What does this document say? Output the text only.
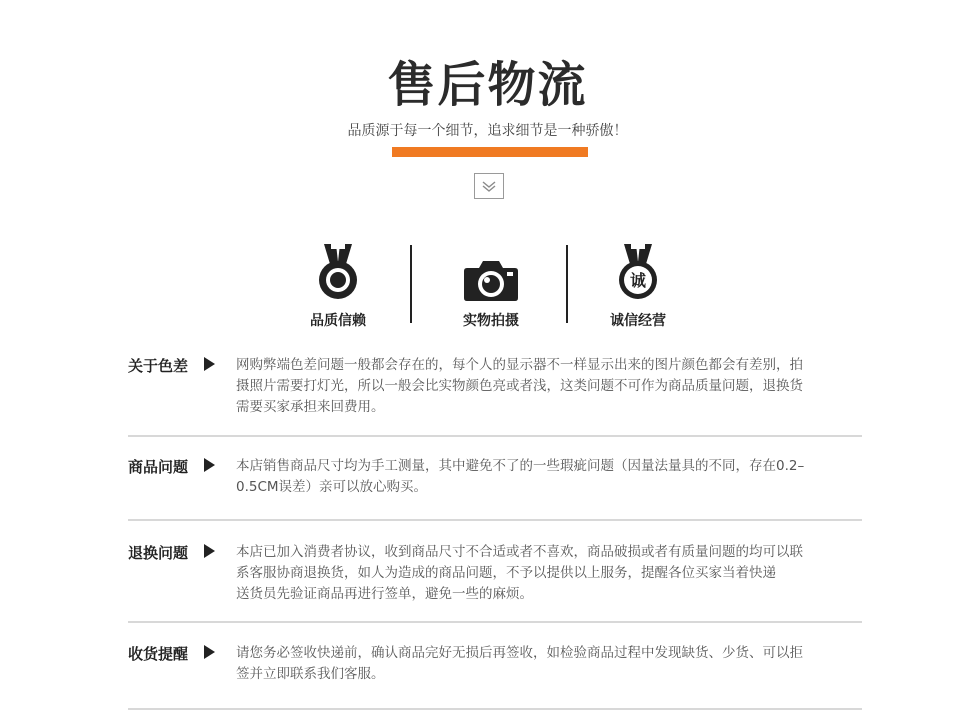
售后物流
品质源于每一个细节，追求细节是一种骄傲！
品质信赖	实物拍摄
诚
诚信经营
关于色差	网购弊端色差问题一般都会存在的，每个人的显示器不一样显示出来的图片颜色都会有差别，拍
摄照片需要打灯光，所以一般会比实物颜色亮或者浅，这类问题不可作为商品质量问题，退换货
需要买家承担来回费用。
商品问题	本店销售商品尺寸均为手工测量，其中避免不了的一些瑕疵问题（因量法量具的不同，存在0.2–
0.5CM误差）亲可以放心购买。
退换问题	本店已加入消费者协议，收到商品尺寸不合适或者不喜欢，商品破损或者有质量问题的均可以联
系客服协商退换货，如人为造成的商品问题，不予以提供以上服务，提醒各位买家当着快递
送货员先验证商品再进行签单，避免一些的麻烦。
收货提醒	请您务必签收快递前，确认商品完好无损后再签收，如检验商品过程中发现缺货、少货、可以拒
签并立即联系我们客服。
